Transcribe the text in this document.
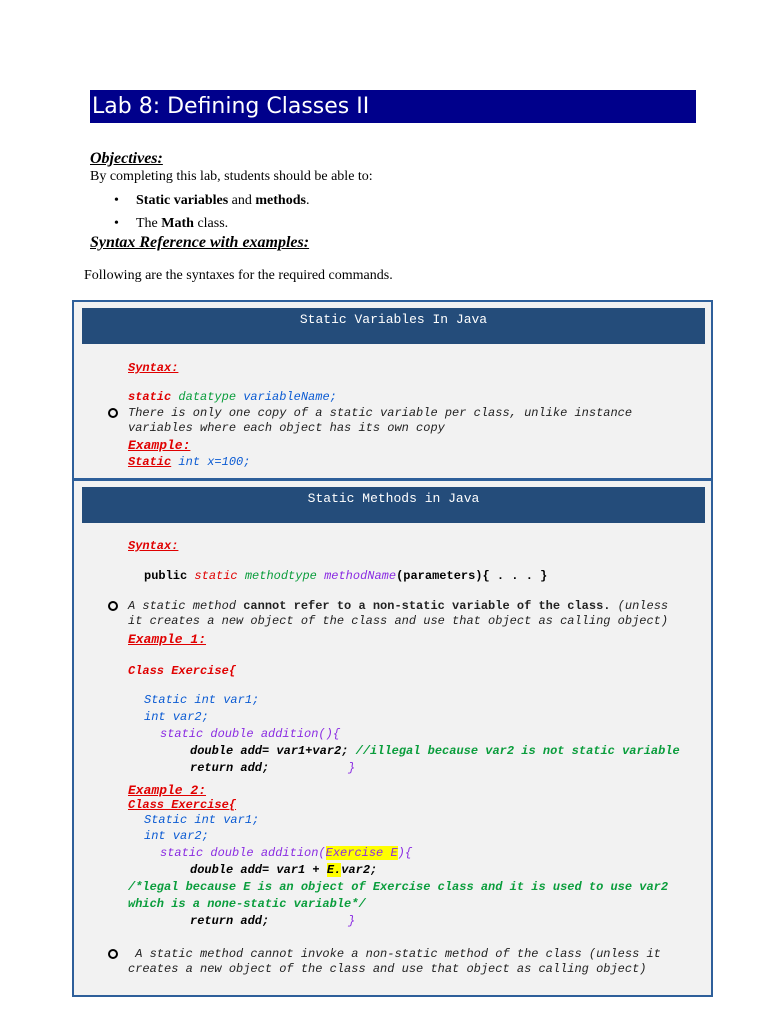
Lab 8: Defining Classes II
Objectives:
By completing this lab, students should be able to:
• Static variables and methods.
• The Math class.
Syntax Reference with examples:
Following are the syntaxes for the required commands.
Static Variables In Java
Syntax:
static datatype variableName;
There is only one copy of a static variable per class, unlike instance
variables where each object has its own copy
Example:
Static int x=100;
Static Methods in Java
Syntax:
public static methodtype methodName(parameters){ . . . }
A static method cannot refer to a non-static variable of the class. (unless
it creates a new object of the class and use that object as calling object)
Example 1:
Class Exercise{
Static int var1;
int var2;
static double addition(){
double add= var1+var2; //illegal because var2 is not static variable
return add;	}
Example 2:
Class Exercise{
Static int var1;
int var2;
static double addition(Exercise E){
double add= var1 + E.var2;
/*legal because E is an object of Exercise class and it is used to use var2
which is a none-static variable*/
return add;	}
A static method cannot invoke a non-static method of the class (unless it
creates a new object of the class and use that object as calling object)
